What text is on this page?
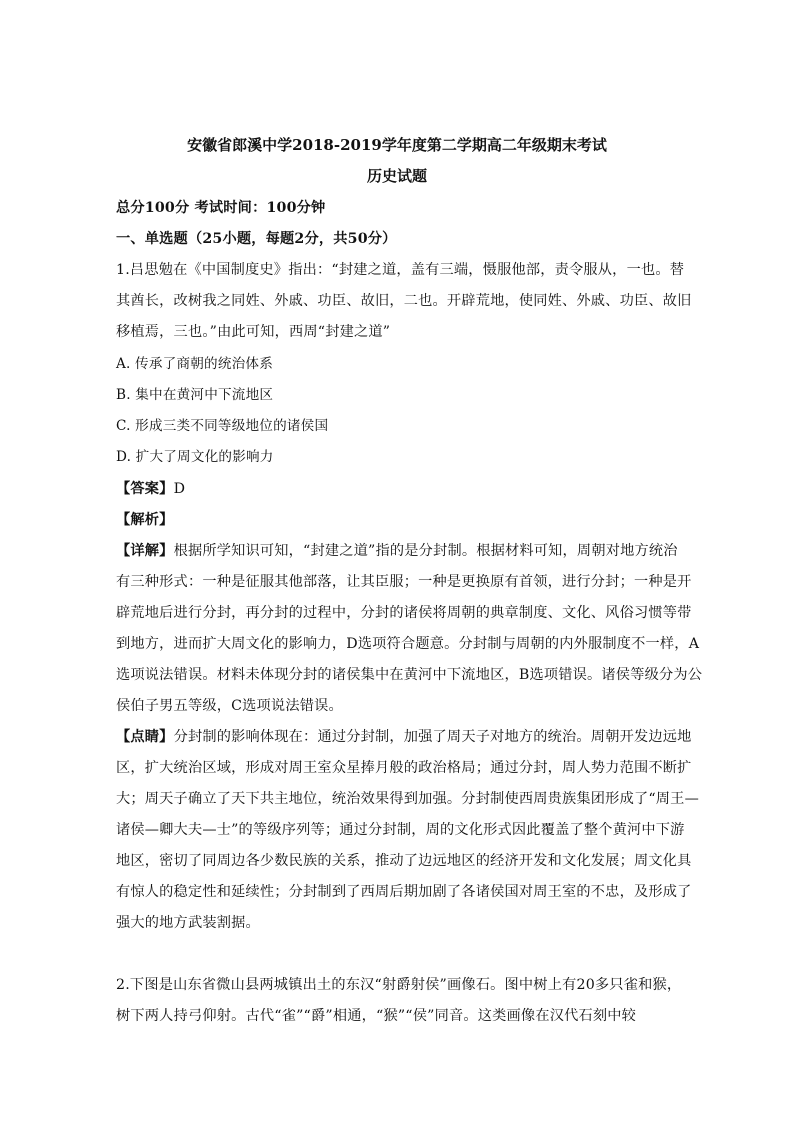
安徽省郎溪中学2018-2019学年度第二学期高二年级期末考试
历史试题
总分100分 考试时间：100分钟
一、单选题（25小题，每题2分，共50分）
1.吕思勉在《中国制度史》指出：“封建之道，盖有三端，慑服他部，责令服从，一也。替
其酋长，改树我之同姓、外戚、功臣、故旧，二也。开辟荒地，使同姓、外戚、功臣、故旧
移植焉，三也。”由此可知，西周“封建之道”
A. 传承了商朝的统治体系
B. 集中在黄河中下流地区
C. 形成三类不同等级地位的诸侯国
D. 扩大了周文化的影响力
【答案】D
【解析】
【详解】根据所学知识可知，“封建之道”指的是分封制。根据材料可知，周朝对地方统治
有三种形式：一种是征服其他部落，让其臣服；一种是更换原有首领，进行分封；一种是开
辟荒地后进行分封，再分封的过程中，分封的诸侯将周朝的典章制度、文化、风俗习惯等带
到地方，进而扩大周文化的影响力，D选项符合题意。分封制与周朝的内外服制度不一样，A
选项说法错误。材料未体现分封的诸侯集中在黄河中下流地区，B选项错误。诸侯等级分为公
侯伯子男五等级，C选项说法错误。
【点睛】分封制的影响体现在：通过分封制，加强了周天子对地方的统治。周朝开发边远地
区，扩大统治区域，形成对周王室众星捧月般的政治格局；通过分封，周人势力范围不断扩
大；周天子确立了天下共主地位，统治效果得到加强。分封制使西周贵族集团形成了“周王—
诸侯—卿大夫—士”的等级序列等；通过分封制，周的文化形式因此覆盖了整个黄河中下游
地区，密切了同周边各少数民族的关系，推动了边远地区的经济开发和文化发展；周文化具
有惊人的稳定性和延续性；分封制到了西周后期加剧了各诸侯国对周王室的不忠，及形成了
强大的地方武装割据。
2.下图是山东省微山县两城镇出土的东汉“射爵射侯”画像石。图中树上有20多只雀和猴，
树下两人持弓仰射。古代“雀”“爵”相通，“猴”“侯”同音。这类画像在汉代石刻中较
